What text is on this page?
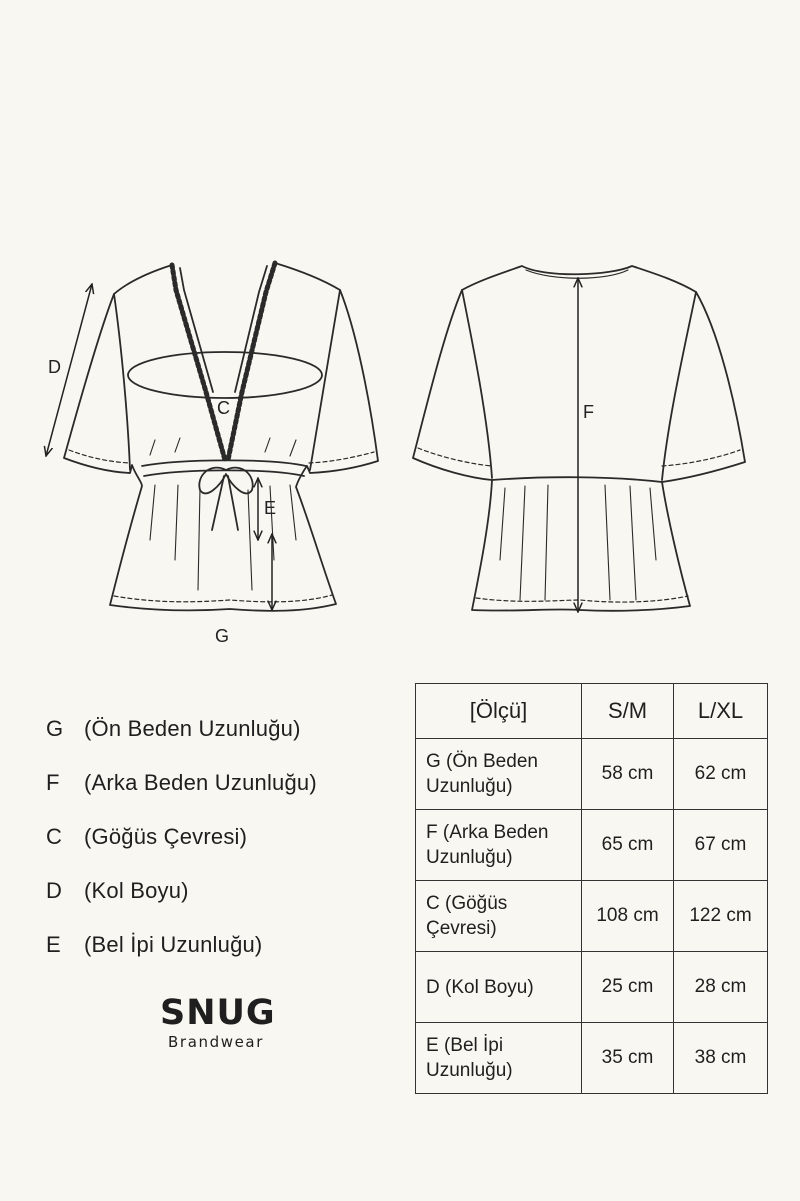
D
C
E
G
F
G (Ön Beden Uzunluğu)
F	(Arka Beden Uzunluğu)
C (Göğüs Çevresi)
D (Kol Boyu)
E	(Bel İpi Uzunluğu)
SNUG
Brandwear
[Ölçü]	S/M	L/XL
G (Ön Beden
Uzunluğu)	58 cm	62 cm
F (Arka Beden
Uzunluğu)	65 cm	67 cm
C (Göğüs
Çevresi)	108 cm	122 cm
D (Kol Boyu)	25 cm	28 cm
E (Bel İpi
Uzunluğu)	35 cm	38 cm
